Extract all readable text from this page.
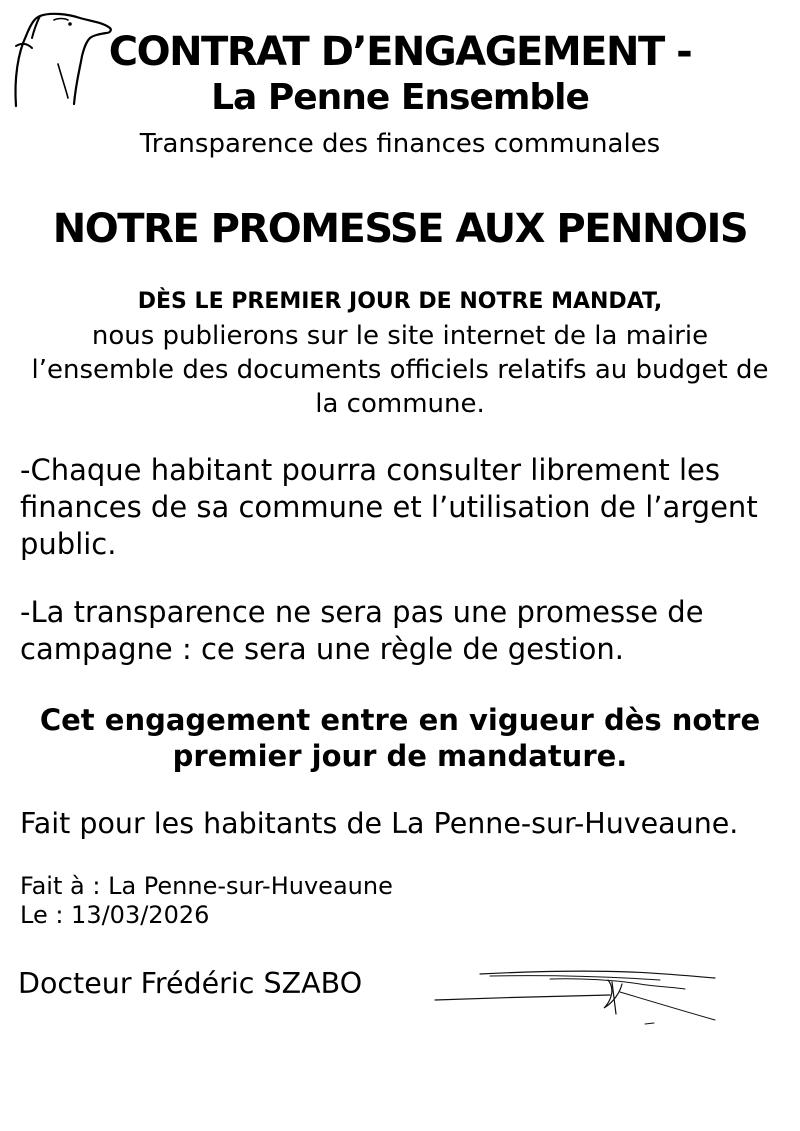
CONTRAT D’ENGAGEMENT -
La Penne Ensemble
Transparence des finances communales
NOTRE PROMESSE AUX PENNOIS
DÈS LE PREMIER JOUR DE NOTRE MANDAT,
nous publierons sur le site internet de la mairie l’ensemble des documents officiels relatifs au budget de la commune.
-Chaque habitant pourra consulter librement les finances de sa commune et l’utilisation de l’argent public.
-La transparence ne sera pas une promesse de campagne : ce sera une règle de gestion.
Cet engagement entre en vigueur dès notre premier jour de mandature.
Fait pour les habitants de La Penne-sur-Huveaune.
Fait à : La Penne-sur-Huveaune
Le : 13/03/2026
Docteur Frédéric SZABO
